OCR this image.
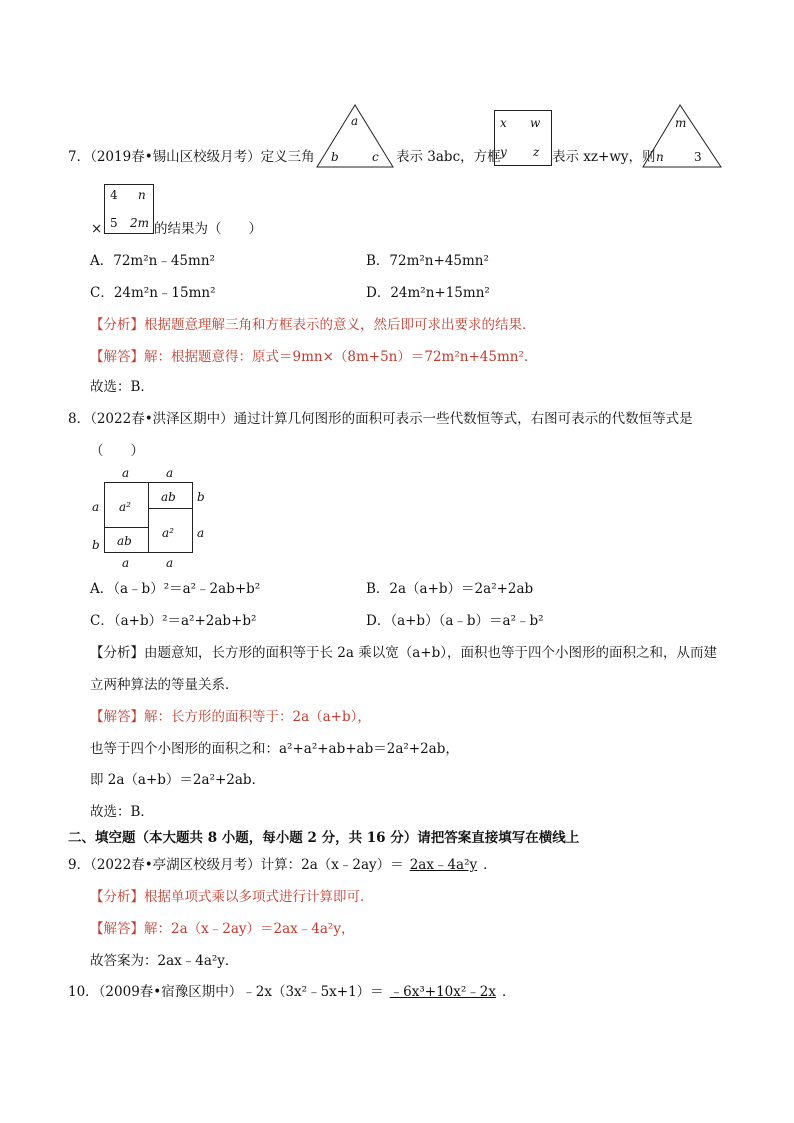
7．（2019春•锡山区校级月考）定义三角
a
b	c 表示 3abc，方框
x w
y z 表示 xz+wy，则
m
n	3
×
4 n
5 2m 的结果为（　　）
A．72m²n﹣45mn²	B．72m²n+45mn²
C．24m²n﹣15mn²	D．24m²n+15mn²
【分析】根据题意理解三角和方框表示的意义，然后即可求出要求的结果．
【解答】解：根据题意得：原式＝9mn×（8m+5n）＝72m²n+45mn²．
故选：B．
8．（2022春•洪泽区期中）通过计算几何图形的面积可表示一些代数恒等式，右图可表示的代数恒等式是
（　　）
a	a
a
b
b
a
a	a
a²
ab
ab
a²
A．（a﹣b）²＝a²﹣2ab+b²	B．2a（a+b）＝2a²+2ab
C．（a+b）²＝a²+2ab+b²	D．（a+b）（a﹣b）＝a²﹣b²
【分析】由题意知，长方形的面积等于长 2a 乘以宽（a+b），面积也等于四个小图形的面积之和，从而建
立两种算法的等量关系．
【解答】解：长方形的面积等于：2a（a+b），
也等于四个小图形的面积之和：a²+a²+ab+ab＝2a²+2ab，
即 2a（a+b）＝2a²+2ab．
故选：B．
二、填空题（本大题共 8 小题，每小题 2 分，共 16 分）请把答案直接填写在横线上
9．（2022春•亭湖区校级月考）计算：2a（x﹣2ay）＝ 2ax﹣4a²y ．
【分析】根据单项式乘以多项式进行计算即可．
【解答】解：2a（x﹣2ay）＝2ax﹣4a²y，
故答案为：2ax﹣4a²y．
10．（2009春•宿豫区期中）﹣2x（3x²﹣5x+1）＝ ﹣6x³+10x²﹣2x ．
